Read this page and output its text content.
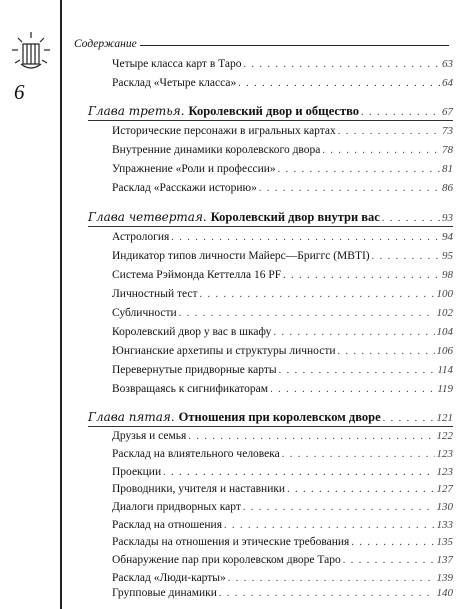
6
Содержание
Четыре класса карт в Таро . . .	63
Расклад «Четыре класса» . . .	64
Глава третья. Королевский двор и общество . . .	67
Исторические персонажи в игральных картах . . .	73
Внутренние динамики королевского двора . . .	78
Упражнение «Роли и профессии» . . .	81
Расклад «Расскажи историю» . . .	86
Глава четвертая. Королевский двор внутри вас . . .	93
Астрология . . .	94
Индикатор типов личности Майерс—Бриггс (MBTI) . . .	95
Система Рэймонда Кеттелла 16 PF . . .	98
Личностный тест . . .	100
Субличности . . .	102
Королевский двор у вас в шкафу . . .	104
Юнгианские архетипы и структуры личности . . .	106
Перевернутые придворные карты . . .	114
Возвращаясь к сигнификаторам . . .	119
Глава пятая. Отношения при королевском дворе . . .	121
Друзья и семья . . .	122
Расклад на влиятельного человека . . .	123
Проекции . . .	123
Проводники, учителя и наставники . . .	127
Диалоги придворных карт . . .	130
Расклад на отношения . . .	133
Расклады на отношения и этические требования . . .	135
Обнаружение пар при королевском дворе Таро . . .	137
Расклад «Люди-карты» . . .	139
Групповые динамики . . .	140
